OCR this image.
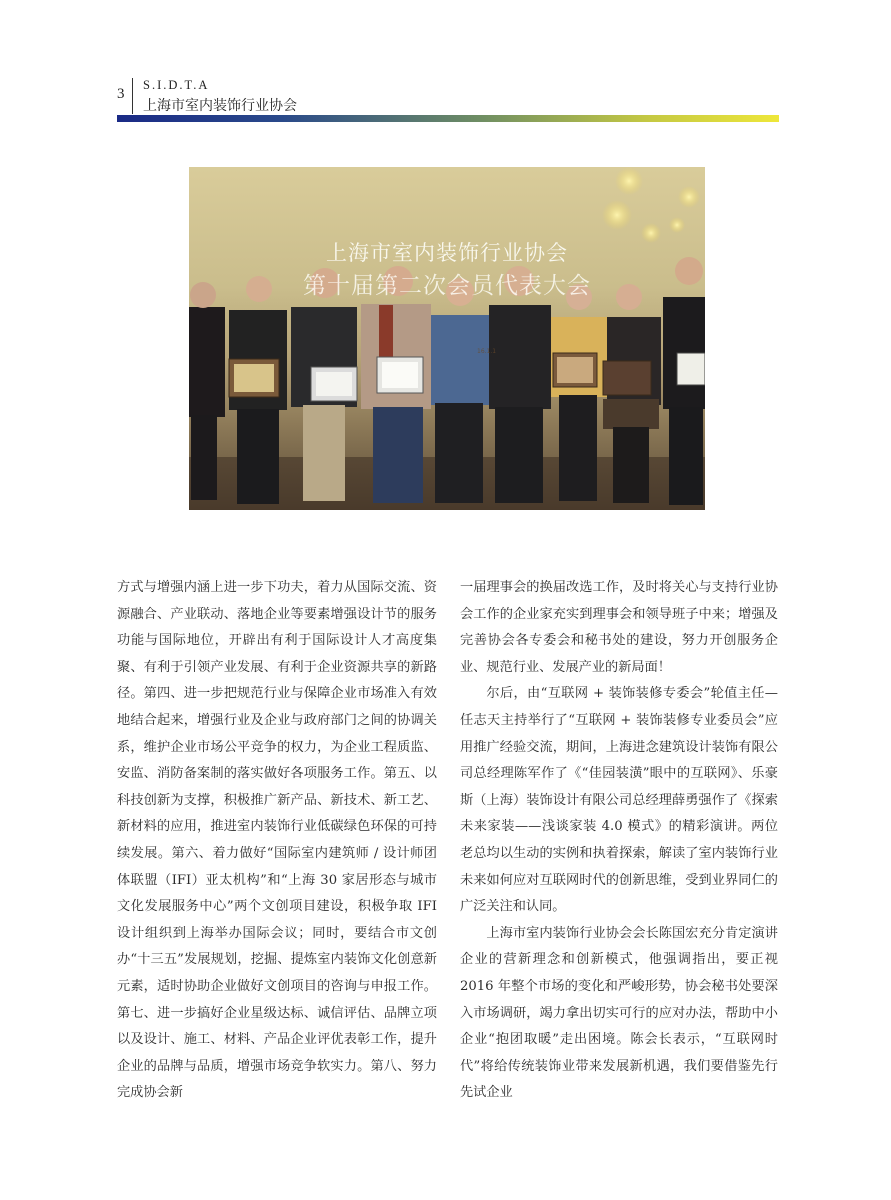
3
S.I.D.T.A
上海市室内装饰行业协会
16.1.1
上海市室内装饰行业协会
第十届第二次会员代表大会

方式与增强内涵上进一步下功夫，着力从国际交流、资源融合、产业联动、落地企业等要素增强设计节的服务功能与国际地位，开辟出有利于国际设计人才高度集聚、有利于引领产业发展、有利于企业资源共享的新路径。第四、进一步把规范行业与保障企业市场准入有效地结合起来，增强行业及企业与政府部门之间的协调关系，维护企业市场公平竞争的权力，为企业工程质监、安监、消防备案制的落实做好各项服务工作。第五、以科技创新为支撑，积极推广新产品、新技术、新工艺、新材料的应用，推进室内装饰行业低碳绿色环保的可持续发展。第六、着力做好“国际室内建筑师 / 设计师团体联盟（IFI）亚太机构”和“上海 30 家居形态与城市文化发展服务中心”两个文创项目建设，积极争取 IFI 设计组织到上海举办国际会议；同时，要结合市文创办“十三五”发展规划，挖掘、提炼室内装饰文化创意新元素，适时协助企业做好文创项目的咨询与申报工作。第七、进一步搞好企业星级达标、诚信评估、品牌立项以及设计、施工、材料、产品企业评优表彰工作，提升企业的品牌与品质，增强市场竞争软实力。第八、努力完成协会新

一届理事会的换届改选工作，及时将关心与支持行业协会工作的企业家充实到理事会和领导班子中来；增强及完善协会各专委会和秘书处的建设，努力开创服务企业、规范行业、发展产业的新局面！

尔后，由“互联网 + 装饰装修专委会”轮值主任—任志天主持举行了“互联网 + 装饰装修专业委员会”应用推广经验交流，期间，上海进念建筑设计装饰有限公司总经理陈军作了《“佳园装潢”眼中的互联网》、乐豪斯（上海）装饰设计有限公司总经理薛勇强作了《探索未来家装——浅谈家装 4.0 模式》的精彩演讲。两位老总均以生动的实例和执着探索，解读了室内装饰行业未来如何应对互联网时代的创新思维，受到业界同仁的广泛关注和认同。

上海市室内装饰行业协会会长陈国宏充分肯定演讲企业的营新理念和创新模式，他强调指出，要正视 2016 年整个市场的变化和严峻形势，协会秘书处要深入市场调研，竭力拿出切实可行的应对办法，帮助中小企业“抱团取暖”走出困境。陈会长表示，“互联网时代”将给传统装饰业带来发展新机遇，我们要借鉴先行先试企业
